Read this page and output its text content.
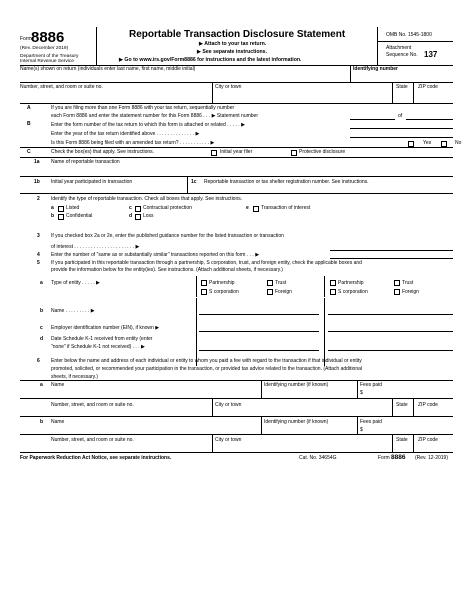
Form 8886
(Rev. December 2019)
Department of the Treasury
Internal Revenue Service
Reportable Transaction Disclosure Statement
▶ Attach to your tax return.
▶ See separate instructions.
▶ Go to www.irs.gov/Form8886 for instructions and the latest information.
OMB No. 1545-1800
Attachment
Sequence No. 137
Name(s) shown on return (individuals enter last name, first name, middle initial)	Identifying number
Number, street, and room or suite no.	City or town	State ZIP code
A	If you are filing more than one Form 8886 with your tax return, sequentially number
each Form 8886 and enter the statement number for this Form 8886 . . . ▶ Statement number	of
B	Enter the form number of the tax return to which this form is attached or related . . . . . ▶
Enter the year of the tax return identified above . . . . . . . . . . . . . . ▶
Is this Form 8886 being filed with an amended tax return? . . . . . . . . . . . ▶	Yes	No
C	Check the box(es) that apply. See instructions.	Initial year filer	Protective disclosure
1a Name of reportable transaction
1b Initial year participated in transaction	1c Reportable transaction or tax shelter registration number. See instructions.
2 Identify the type of reportable transaction. Check all boxes that apply. See instructions.
a Listed
b Confidential
c Contractual protection
d Loss
e Transaction of interest
3 If you checked box 2a or 2e, enter the published guidance number for the listed transaction or transaction
of interest . . . . . . . . . . . . . . . . . . . . . . ▶
4 Enter the number of "same as or substantially similar" transactions reported on this form . . . ▶
5 If you participated in this reportable transaction through a partnership, S corporation, trust, and foreign entity, check the applicable boxes and
provide the information below for the entity(ies). See instructions. (Attach additional sheets, if necessary.)
a Type of entity . . . . . ▶	Partnership
S corporation
Trust
Foreign
Partnership
S corporation
Trust
Foreign
b Name . . . . . . . . . ▶
c Employer identification number (EIN), if known ▶
d Date Schedule K-1 received from entity (enter
"none" if Schedule K-1 not received) . . . ▶
6 Enter below the name and address of each individual or entity to whom you paid a fee with regard to the transaction if that individual or entity
promoted, solicited, or recommended your participation in the transaction, or provided tax advice related to the transaction. (Attach additional
sheets, if necessary.)
a Name	Identifying number (if known)	Fees paid
$
Number, street, and room or suite no.	City or town	State ZIP code
b Name	Identifying number (if known)	Fees paid
$
Number, street, and room or suite no.	City or town	State ZIP code
For Paperwork Reduction Act Notice, see separate instructions.	Cat. No. 34654G	Form 8886 (Rev. 12-2019)
